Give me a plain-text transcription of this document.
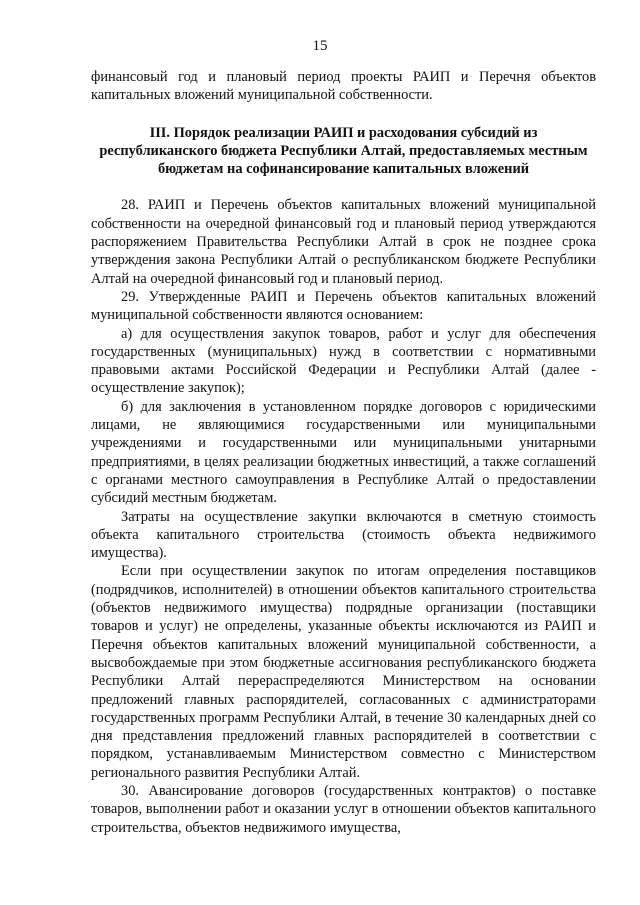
15

финансовый год и плановый период проекты РАИП и Перечня объектов капитальных вложений муниципальной собственности.

III. Порядок реализации РАИП и расходования субсидий из республиканского бюджета Республики Алтай, предоставляемых местным бюджетам на софинансирование капитальных вложений

28. РАИП и Перечень объектов капитальных вложений муниципальной собственности на очередной финансовый год и плановый период утверждаются распоряжением Правительства Республики Алтай в срок не позднее срока утверждения закона Республики Алтай о республиканском бюджете Республики Алтай на очередной финансовый год и плановый период.

29. Утвержденные РАИП и Перечень объектов капитальных вложений муниципальной собственности являются основанием:

а) для осуществления закупок товаров, работ и услуг для обеспечения государственных (муниципальных) нужд в соответствии с нормативными правовыми актами Российской Федерации и Республики Алтай (далее - осуществление закупок);

б) для заключения в установленном порядке договоров с юридическими лицами, не являющимися государственными или муниципальными учреждениями и государственными или муниципальными унитарными предприятиями, в целях реализации бюджетных инвестиций, а также соглашений с органами местного самоуправления в Республике Алтай о предоставлении субсидий местным бюджетам.

Затраты на осуществление закупки включаются в сметную стоимость объекта капитального строительства (стоимость объекта недвижимого имущества).

Если при осуществлении закупок по итогам определения поставщиков (подрядчиков, исполнителей) в отношении объектов капитального строительства (объектов недвижимого имущества) подрядные организации (поставщики товаров и услуг) не определены, указанные объекты исключаются из РАИП и Перечня объектов капитальных вложений муниципальной собственности, а высвобождаемые при этом бюджетные ассигнования республиканского бюджета Республики Алтай перераспределяются Министерством на основании предложений главных распорядителей, согласованных с администраторами государственных программ Республики Алтай, в течение 30 календарных дней со дня представления предложений главных распорядителей в соответствии с порядком, устанавливаемым Министерством совместно с Министерством регионального развития Республики Алтай.

30. Авансирование договоров (государственных контрактов) о поставке товаров, выполнении работ и оказании услуг в отношении объектов капитального строительства, объектов недвижимого имущества,
